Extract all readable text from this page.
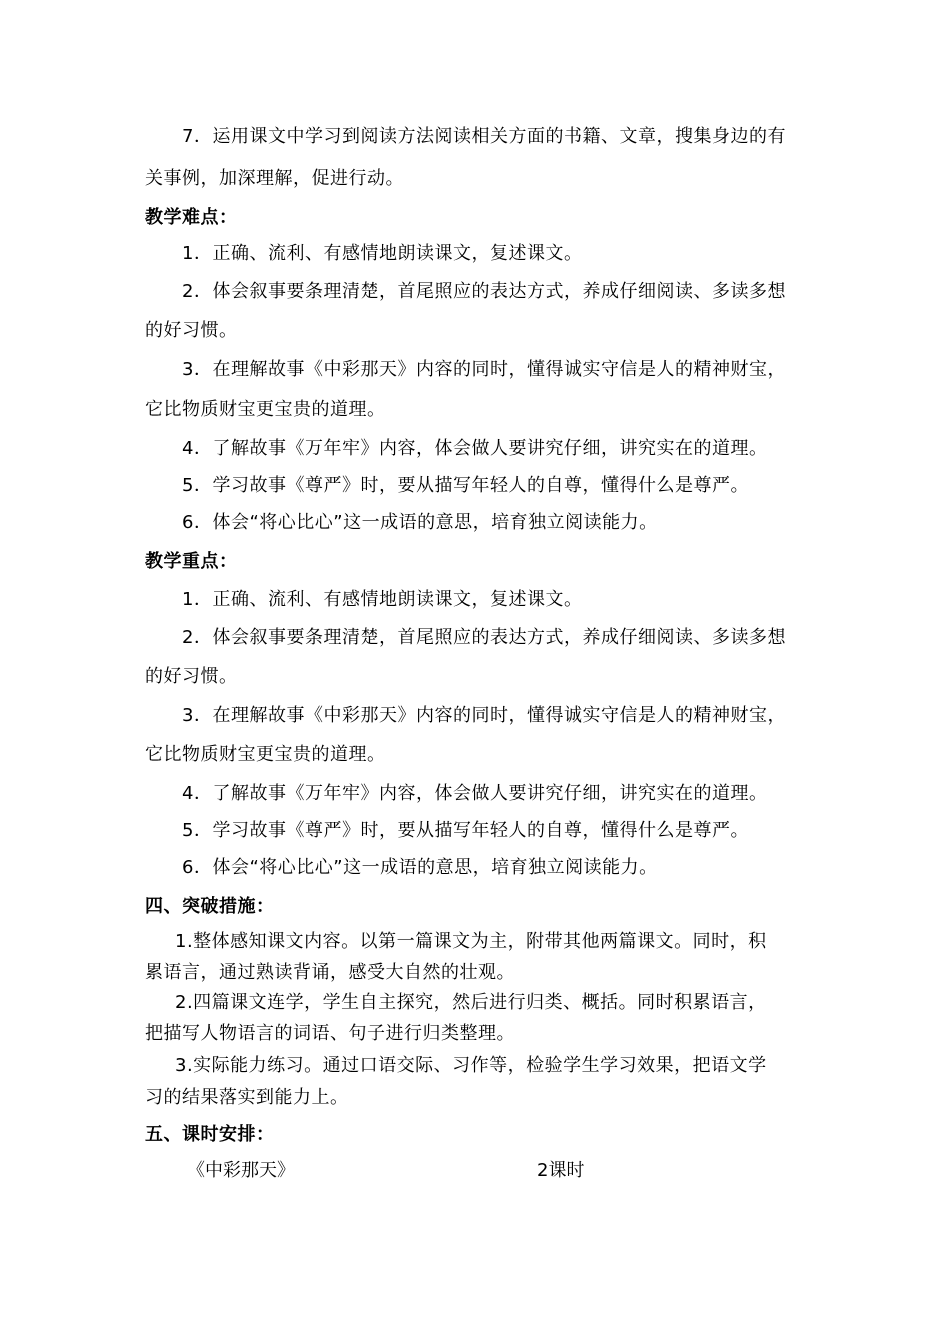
7．运用课文中学习到阅读方法阅读相关方面的书籍、文章，搜集身边的有
关事例，加深理解，促进行动。
教学难点：
1．正确、流利、有感情地朗读课文，复述课文。
2．体会叙事要条理清楚，首尾照应的表达方式，养成仔细阅读、多读多想
的好习惯。
3．在理解故事《中彩那天》内容的同时，懂得诚实守信是人的精神财宝，
它比物质财宝更宝贵的道理。
4．了解故事《万年牢》内容，体会做人要讲究仔细，讲究实在的道理。
5．学习故事《尊严》时，要从描写年轻人的自尊，懂得什么是尊严。
6．体会“将心比心”这一成语的意思，培育独立阅读能力。
教学重点：
1．正确、流利、有感情地朗读课文，复述课文。
2．体会叙事要条理清楚，首尾照应的表达方式，养成仔细阅读、多读多想
的好习惯。
3．在理解故事《中彩那天》内容的同时，懂得诚实守信是人的精神财宝，
它比物质财宝更宝贵的道理。
4．了解故事《万年牢》内容，体会做人要讲究仔细，讲究实在的道理。
5．学习故事《尊严》时，要从描写年轻人的自尊，懂得什么是尊严。
6．体会“将心比心”这一成语的意思，培育独立阅读能力。
四、突破措施：
1.整体感知课文内容。以第一篇课文为主，附带其他两篇课文。同时，积
累语言，通过熟读背诵，感受大自然的壮观。
2.四篇课文连学，学生自主探究，然后进行归类、概括。同时积累语言，
把描写人物语言的词语、句子进行归类整理。
3.实际能力练习。通过口语交际、习作等，检验学生学习效果，把语文学
习的结果落实到能力上。
五、课时安排：
《中彩那天》	2课时
